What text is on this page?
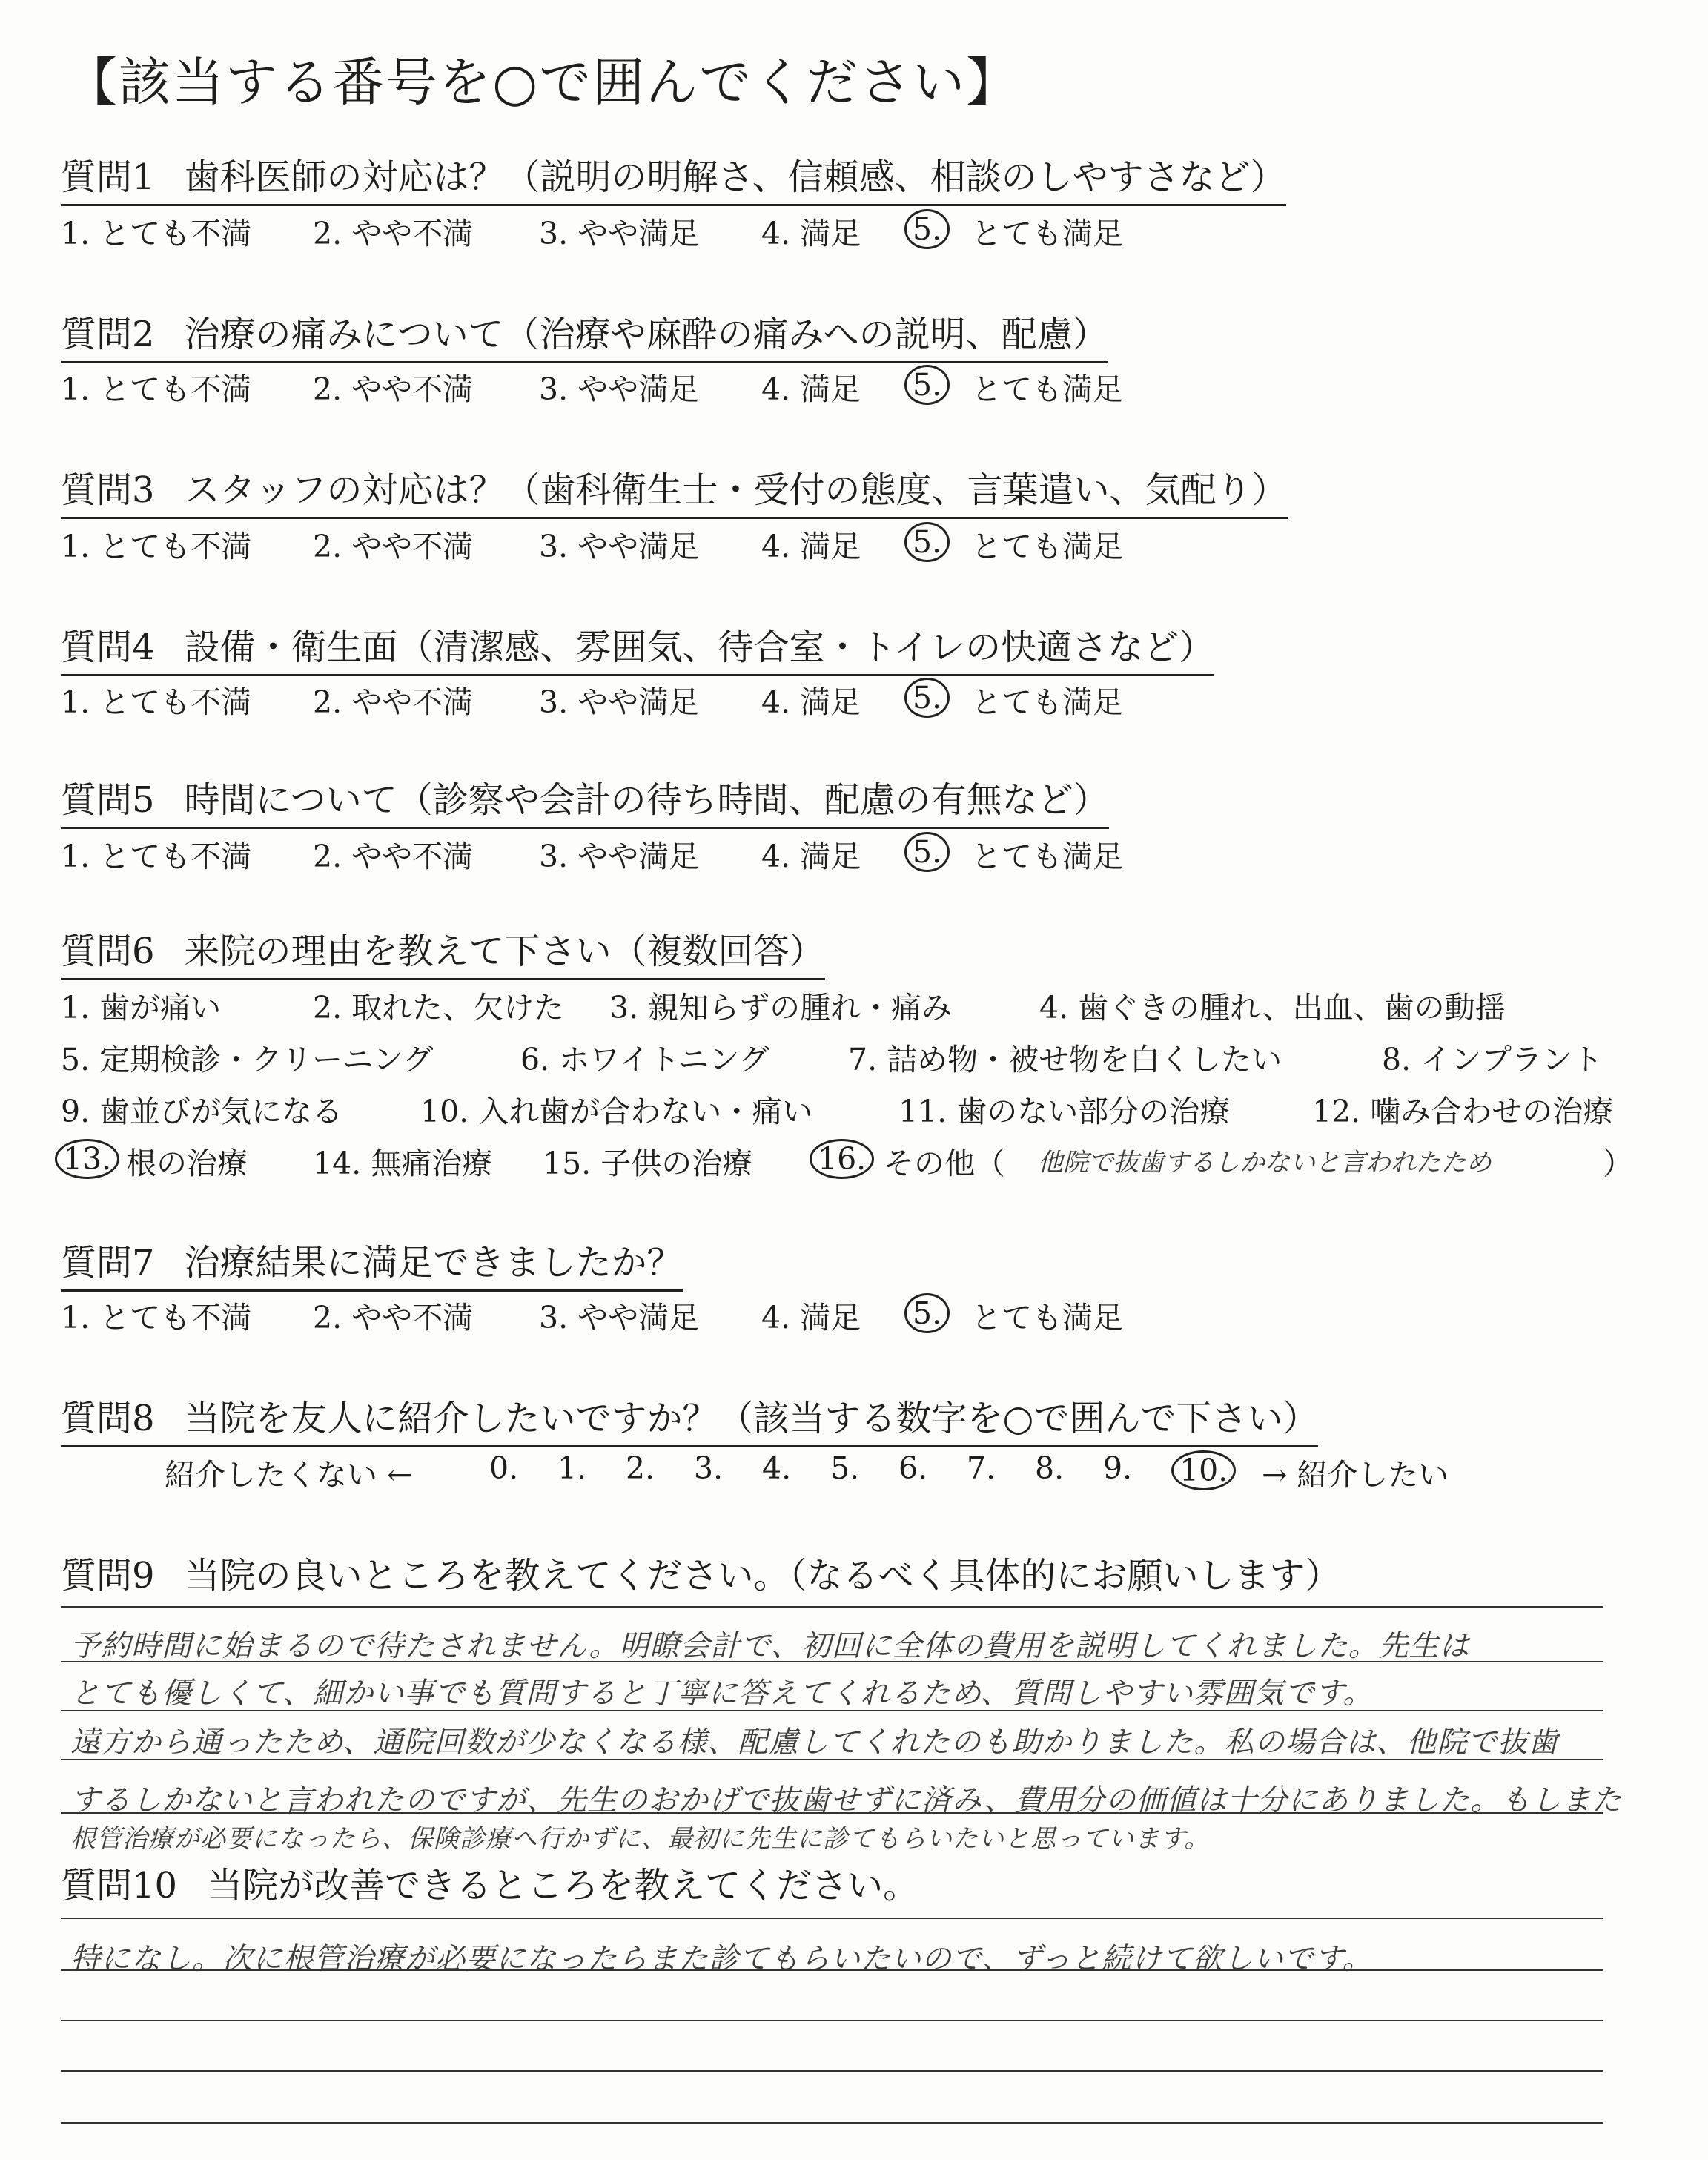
【該当する番号を○で囲んでください】
質問1 歯科医師の対応は？（説明の明解さ、信頼感、相談のしやすさなど）
1. とても不満 2. やや不満 3. やや満足 4. 満足 5. とても満足
質問2 治療の痛みについて（治療や麻酔の痛みへの説明、配慮）
1. とても不満 2. やや不満 3. やや満足 4. 満足 5. とても満足
質問3 スタッフの対応は？（歯科衛生士・受付の態度、言葉遣い、気配り）
1. とても不満 2. やや不満 3. やや満足 4. 満足 5. とても満足
質問4 設備・衛生面（清潔感、雰囲気、待合室・トイレの快適さなど）
1. とても不満 2. やや不満 3. やや満足 4. 満足 5. とても満足
質問5 時間について（診察や会計の待ち時間、配慮の有無など）
1. とても不満 2. やや不満 3. やや満足 4. 満足 5. とても満足
質問6 来院の理由を教えて下さい（複数回答）
1. 歯が痛い	2. 取れた、欠けた 3. 親知らずの腫れ・痛み	4. 歯ぐきの腫れ、出血、歯の動揺
5. 定期検診・クリーニング	6. ホワイトニング	7. 詰め物・被せ物を白くしたい	8. インプラント
9. 歯並びが気になる	10. 入れ歯が合わない・痛い	11. 歯のない部分の治療	12. 噛み合わせの治療
13. 根の治療 14. 無痛治療 15. 子供の治療 16. その他（ 他院で抜歯するしかないと言われたため	）
質問7 治療結果に満足できましたか？
1. とても不満 2. やや不満 3. やや満足 4. 満足 5. とても満足
質問8 当院を友人に紹介したいですか？（該当する数字を○で囲んで下さい）
紹介したくない ←	0. 1. 2. 3. 4. 5. 6. 7. 8. 9. 10. → 紹介したい
質問9 当院の良いところを教えてください。（なるべく具体的にお願いします）
予約時間に始まるので待たされません。明瞭会計で、初回に全体の費用を説明してくれました。先生は
とても優しくて、細かい事でも質問すると丁寧に答えてくれるため、質問しやすい雰囲気です。
遠方から通ったため、通院回数が少なくなる様、配慮してくれたのも助かりました。私の場合は、他院で抜歯
するしかないと言われたのですが、先生のおかげで抜歯せずに済み、費用分の価値は十分にありました。もしまた
根管治療が必要になったら、保険診療へ行かずに、最初に先生に診てもらいたいと思っています。
質問10 当院が改善できるところを教えてください。
特になし。次に根管治療が必要になったらまた診てもらいたいので、ずっと続けて欲しいです。
